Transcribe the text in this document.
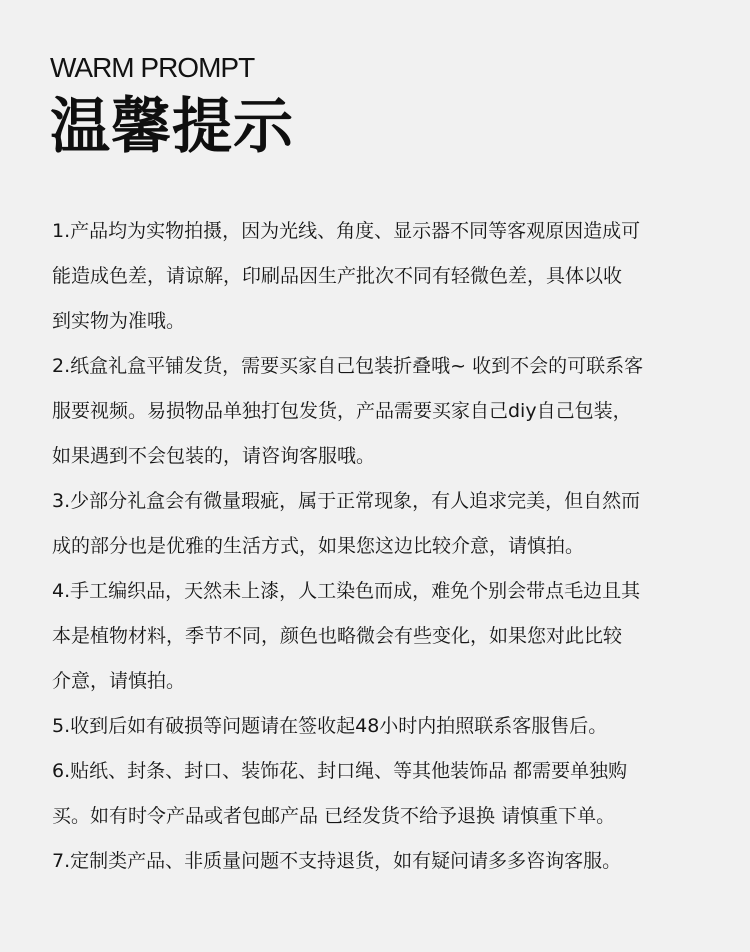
WARM PROMPT
温馨提示
1.产品均为实物拍摄，因为光线、角度、显示器不同等客观原因造成可
能造成色差，请谅解，印刷品因生产批次不同有轻微色差，具体以收
到实物为准哦。
2.纸盒礼盒平铺发货，需要买家自己包装折叠哦~ 收到不会的可联系客
服要视频。易损物品单独打包发货，产品需要买家自己diy自己包装，
如果遇到不会包装的，请咨询客服哦。
3.少部分礼盒会有微量瑕疵，属于正常现象，有人追求完美，但自然而
成的部分也是优雅的生活方式，如果您这边比较介意，请慎拍。
4.手工编织品，天然未上漆，人工染色而成，难免个别会带点毛边且其
本是植物材料，季节不同，颜色也略微会有些变化，如果您对此比较
介意，请慎拍。
5.收到后如有破损等问题请在签收起48小时内拍照联系客服售后。
6.贴纸、封条、封口、装饰花、封口绳、等其他装饰品 都需要单独购
买。如有时令产品或者包邮产品 已经发货不给予退换 请慎重下单。
7.定制类产品、非质量问题不支持退货，如有疑问请多多咨询客服。
